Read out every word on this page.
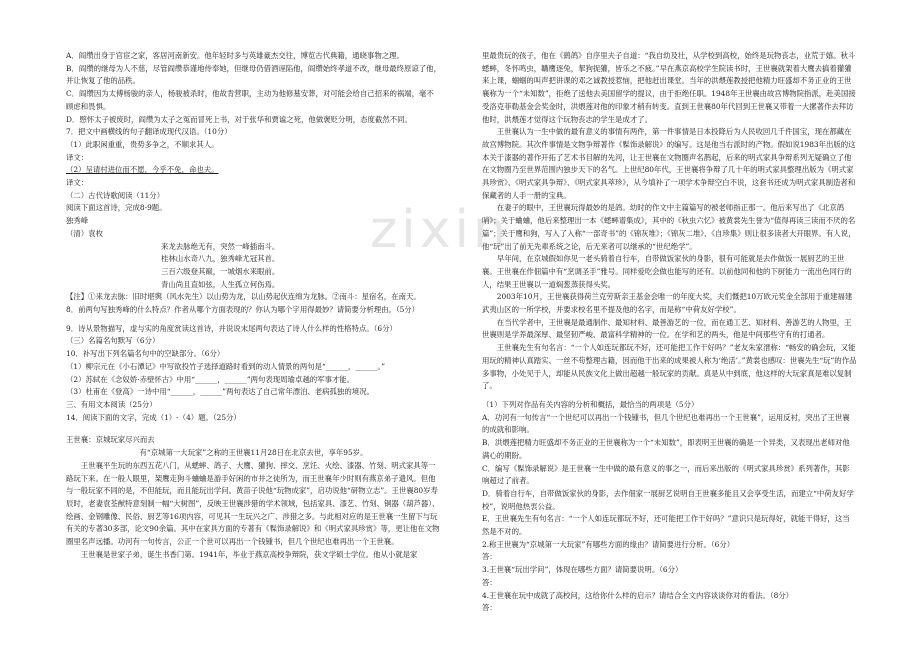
zixin

A．阎缵出身于官宦之家，客居河南新安。他年轻时多与英雄豪杰交往，博览古代典籍，通晓事物之理。

B．阎缵的继母为人不慈，尽管阎缵恭谨地侍奉她，但继母仍借酒诬陷他，阎缵始终孝道不改，继母最终原谅了他，并让恢复了他的品秩。

C．阎缵因为太傅杨骏的亲人，杨骏被杀时，他故肯营职，主动为他修墓安葬，对可能会给自己招来的祸端，毫不顾虑和畏惧。

D．愍怀太子被废时，阎缵为太子之冤而冒死上书，对于张华和贾谧之死，他做褒贬分明，态度截然不同。

7．把文中画横线的句子翻译成现代汉语。（10分）

（1）此职闲重重，贵势多争之，不顺求其人。

译文：

（2）呈请村进位而不愿，今乎不免，命也夫。

译文：

（二）古代诗歌阅读（11分）

阅读下面这首诗，完成8-9题。

独秀峰

（清）袁枚

来龙去脉绝无有，突然一峰插南斗。

桂林山水奇八九，独秀峰尤冠其首。

三百六级登其巅，一城烟水来眼前。

青山尚且直如弦，人生孤立何伤焉。

【注】①来龙去脉：旧时堪舆（风水先生）以山势为龙，以山势起伏连绵为龙脉。②南斗：星宿名，在南天。

8．前两句写独秀峰的什么特点？作者从哪个方面表现的？你认为哪个字用得最妙？请简要分析理由。（5分）

9．诗从景物描写，虚与实的角度赏读这首诗，并说说末尾两句表达了诗人什么样的性格特点。（6分）

（三）名篇名句默写（6分）

10．补写出下列名篇名句中的空缺部分。（6分）

（1）柳宗元在《小石潭记》中写欲投竹子选择道路时看到的动人情景的两句是“______，______。”

（2）苏轼在《念奴娇·赤壁怀古》中用“______，______”两句表现周瑜卓越的军事才能。

（3）杜甫在《登高》一诗中用“______，______”两句表达了自己常年漂泊、老病孤独的境况。

三、有用文本阅读（25分）

14．阅读下面的文字，完成（1）-（4）题。（25分）

王世襄：京城玩家尽兴而去

有“京城第一大玩家”之称的王世襄11月28日在北京去世，享年95岁。

王世襄平生玩的东西五花八门，从蟋蟀、鸽子、大鹰、獾狗、摔交、烹饪、火绘、漆器、竹刻、明式家具等一路玩下来。在一般人眼里，架鹰走狗斗蛐蛐是游手好闲的市井之徒所为，而王世襄年少时则有燕京弟子遗风。但他与一般玩家不同的是，不但能玩，而且能玩出学问。黄苗子说他“玩物成家”，启功说他“研物立志”。王世襄80岁寿辰时，老妻袁荃猷特意刻制一幅“大树图”，反映王世襄涉猎的学术领域，包括家具、漆艺、竹刻、铜器（葫芦器）、绘画、金钢雕像、民俗、厨艺等16项内容，可见其一生玩兴之广、涉猎之多。与此相对应的是王世襄一生留下与玩有关的专著30多部，论文90余篇。其中在家具方面的专著有《髹饰录解说》和《明式家具珍赏》等，更让他在文物圈里名声远播。功河有一句传言，公正一个世可以再出一个钱锺书，但几个世纪也难再出一个王世襄。

王世襄是世家子弟，诞生书香门第。1941年，毕业于燕京高校争辩院，获文学硕士学位。他从小就是家

里最贵玩的孩子，他在《鹞鸽》自序里夫子自道：“我自幼及壮，从学校到高校，始终是玩物丧志，业荒于嬉。秋斗蟋蟀，冬怀鸣虫，韝鹰逐兔，挈狗捉獾，皆乐之不疲。”早在燕京高校学生院读书时，王世襄就架着大鹰去搞着獾獾来上课，蝈蝈的叫声把讲课的邓之诚教授惹恼，把他赶出课堂。当年的洪煨莲教授把他精力旺盛却不务正业的王世襄称为一个“未知数”，拒绝了送他去美国留学的提议，由于拒绝任职。1948年王世襄由故宫博物院指派，赴美国接受洛克菲勒基金会奖金时，洪煨莲对他的印象才稍有转变。直到王世襄80年代回到王世襄又带着一大摞著作去拜访他时，洪煨莲才觉得这个玩物丧志的学生是成才了。

王世襄认为一生中做的最有意义的事情有两件，第一件事情是日本投降后为人民收回几千件国宝，现在都藏在故宫博物院。其次件事情是文物争辩著作《髹饰录解说》的编写。这是他当右派时的产物。假如说1983年出版的这本关于漆器的著作开拓了艺术书目解的先河，让王世襄在文物圈声名鹊起，后来的明式家具争辩系列无疑确立了他在文物圈乃至世界范围内独步天下的名气。上世纪80年代，王世襄将争辩了几十年的明式家具整理出版为《明式家具珍赏》、《明式家具争辩》、《明式家具萃珍》，从今填补了一项学术争辩空白不说，这套书还成为明式家具制造者和保藏者的人手一册的宝典。

在妻子的眼中，王世襄玩得最妙的是鸽。幼时的作文中主篇篇写的被老师指正那一。他后来写出了《北京鸽哨》；关于蛐蛐，他后来整理出一本《蟋蟀谱集成》，其中的《秋虫六忆》被黄裳先生誉为“值得再读三读而不厌的名篇”；关于鹰和狗，写入了入称“一部奇书”的《锦灰堆》；《锦灰二堆》、《自珍集》则让很多读者大开眼界。有人说，他“玩”出了前无先辈系统之论，后无来者可以继承的“世纪绝学”。

早年间，在京城假如你见一老头骑着自行车，自带做饭家伙的身影，很有可能就是去作做饭一展厨艺的王世襄。王世襄在作佃篇中有“烹调圣手”雅号。同样爱吃会做也能写的还有。以前他同和他的下厨能力一流出色同行的人，结果王世襄以一道焖葱蒸获得头奖。

2003年10月，王世襄获得荷兰克劳斯亲王基金会唯一的年度大奖，夫们慨把10万欧元奖金全部用于重建福建武夷山区的一所学校，并要求校名里不提及他的名字，而是称“中荷友好学校”。

在当代学者中，王世襄是最通制作、最知材料、最善游艺的一位，而在通工艺、知材料、善游艺的人物里，王世襄则是学养最深厚、最坚韧严峻、最富科学精神的一位。在学和艺的两头，他是中间那些守有的打通者。

王世襄先生有句名言：“一个人如连玩都玩不好，还可能把工作干好吗？”老友朱家溍称：“畅安的确会玩，又能用玩的精神认真踏实、一丝不苟整理古籍，因而他干出来的成果被人称为‘绝活’。”黄裳也感叹：世襄先生“玩”的作品多事物，小处见于人，却能从民族文化上做出超越一般玩家的贡献。真是从中到底，他这样的大玩家真是难以复制了。

（1）下列对作品有关内容的分析和概括，最恰当的两项是（5分）

A．功河有一句传言“一个世纪可以再出一个钱锺书，但几个世纪也难再出一个王世襄”，运用反衬，突出了王世襄的成就和影响。

B．洪煨莲把精力旺盛却不务正业的王世襄称为一个“未知数”，即表明王世襄的确是一个异类，又表现出老师对他满心的期盼。

C．编写《髹饰录解说》是王世襄一生中做的最有意义的事之一，而后来出版的《明式家具珍赏》系列著作，其影响超过了前者。

D．骑着自行车，自带做饭家伙的身影，去作佃家一展厨艺说明自王世襄多能且又会享受生活，而建立“中荷友好学校”，说明他热衷公益。

E．王世襄先生有句名言：“一个人如连玩都玩不好，还可能把工作干好吗？”意识只是玩得好，就能干得好，这当然是不对的。

2.称王世襄为“京城第一大玩家”有哪些方面的缘由？请简要进行分析。（6分）

答：

3.王世襄“玩出学问”，体现在哪些方面？请简要说明。（6分）

答：

4.王世襄在玩中成就了高校问，这给你什么样的启示？请结合全文内容谈谈你对的看法。（8分）

答：
